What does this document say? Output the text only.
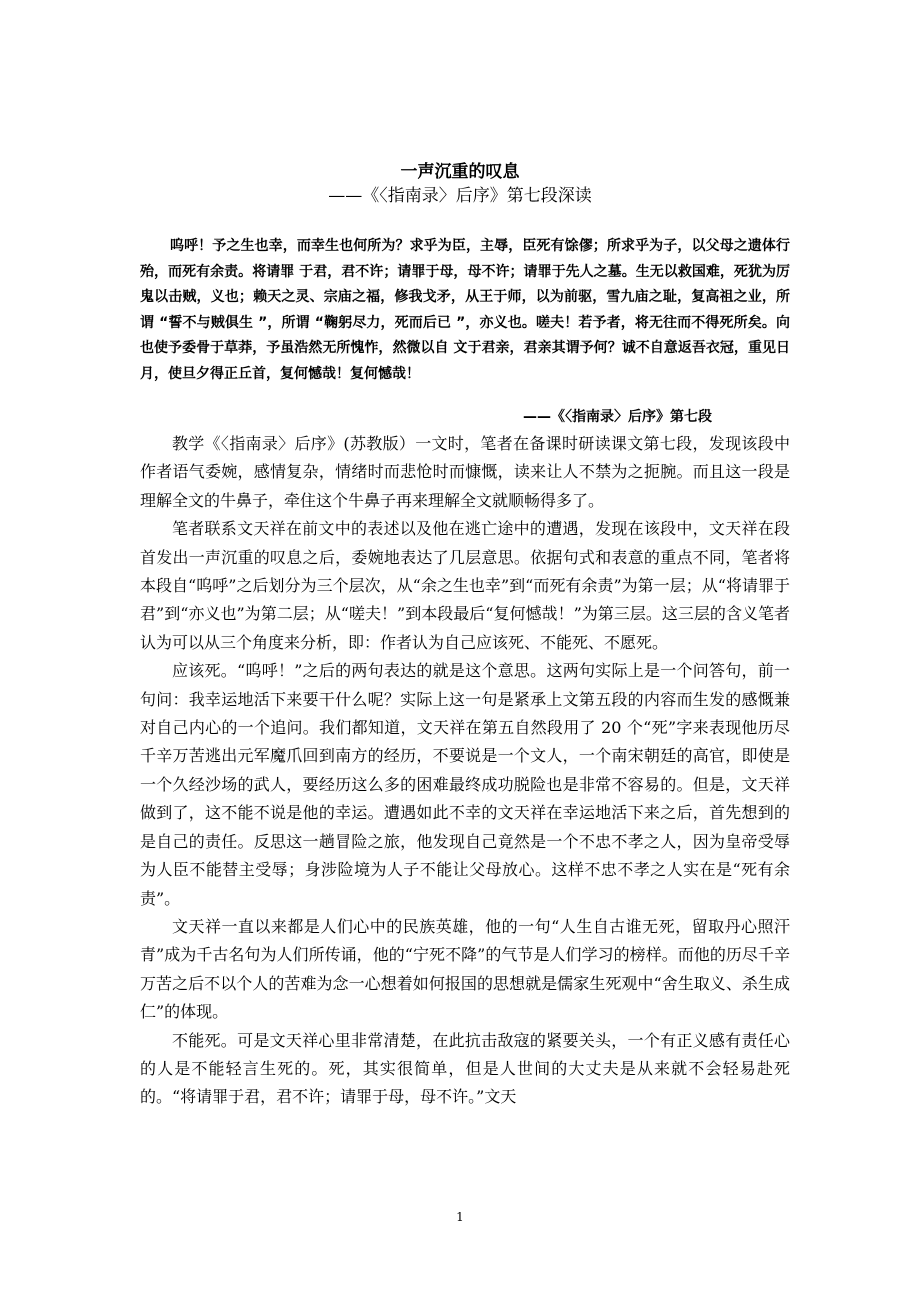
一声沉重的叹息
——《〈指南录〉后序》第七段深读
呜呼！予之生也幸，而幸生也何所为？求乎为臣，主辱，臣死有馀僇；所求乎为子，以父母之遗体行殆，而死有余责。将请罪 于君，君不许；请罪于母，母不许；请罪于先人之墓。生无以救国难，死犹为厉鬼以击贼，义也；赖天之灵、宗庙之福，修我戈矛，从王于师，以为前驱，雪九庙之耻，复高祖之业，所谓 “誓不与贼俱生 ”，所谓 “鞠躬尽力，死而后已 ”，亦义也。嗟夫！若予者，将无往而不得死所矣。向也使予委骨于草莽，予虽浩然无所愧怍，然微以自 文于君亲，君亲其谓予何？诚不自意返吾衣冠，重见日月，使旦夕得正丘首，复何憾哉！复何憾哉！
——《〈指南录〉后序》第七段

教学《〈指南录〉后序》(苏教版）一文时，笔者在备课时研读课文第七段，发现该段中作者语气委婉，感情复杂，情绪时而悲怆时而慷慨，读来让人不禁为之扼腕。而且这一段是理解全文的牛鼻子，牵住这个牛鼻子再来理解全文就顺畅得多了。

笔者联系文天祥在前文中的表述以及他在逃亡途中的遭遇，发现在该段中，文天祥在段首发出一声沉重的叹息之后，委婉地表达了几层意思。依据句式和表意的重点不同，笔者将本段自“呜呼”之后划分为三个层次，从“余之生也幸”到“而死有余责”为第一层；从“将请罪于君”到“亦义也”为第二层；从“嗟夫！”到本段最后“复何憾哉！”为第三层。这三层的含义笔者认为可以从三个角度来分析，即：作者认为自己应该死、不能死、不愿死。

应该死。“呜呼！”之后的两句表达的就是这个意思。这两句实际上是一个问答句，前一句问：我幸运地活下来要干什么呢？实际上这一句是紧承上文第五段的内容而生发的感慨兼对自己内心的一个追问。我们都知道，文天祥在第五自然段用了 20 个“死”字来表现他历尽千辛万苦逃出元军魔爪回到南方的经历，不要说是一个文人，一个南宋朝廷的高官，即使是一个久经沙场的武人，要经历这么多的困难最终成功脱险也是非常不容易的。但是，文天祥做到了，这不能不说是他的幸运。遭遇如此不幸的文天祥在幸运地活下来之后，首先想到的是自己的责任。反思这一趟冒险之旅，他发现自己竟然是一个不忠不孝之人，因为皇帝受辱为人臣不能替主受辱；身涉险境为人子不能让父母放心。这样不忠不孝之人实在是“死有余责”。

文天祥一直以来都是人们心中的民族英雄，他的一句“人生自古谁无死，留取丹心照汗青”成为千古名句为人们所传诵，他的“宁死不降”的气节是人们学习的榜样。而他的历尽千辛万苦之后不以个人的苦难为念一心想着如何报国的思想就是儒家生死观中“舍生取义、杀生成仁”的体现。

不能死。可是文天祥心里非常清楚，在此抗击敌寇的紧要关头，一个有正义感有责任心的人是不能轻言生死的。死，其实很简单，但是人世间的大丈夫是从来就不会轻易赴死的。“将请罪于君，君不许；请罪于母，母不许。”文天

1
